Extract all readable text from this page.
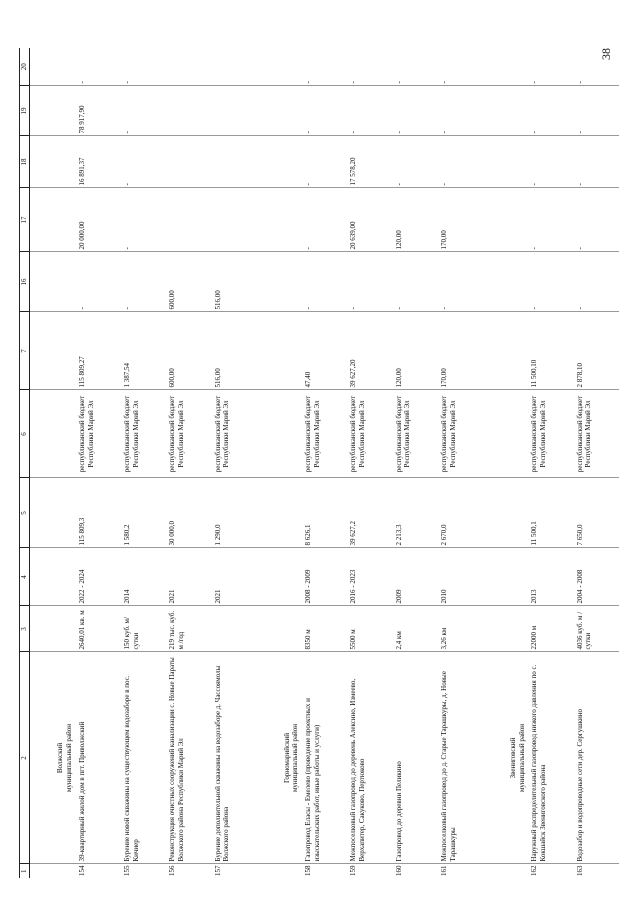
38
1	2	3	4	5	6	7	16	17	18	19	20

	Волжский
муниципальный район										

154	39-квартирный жилой дом в пгт. Приволжский	2640,01 кв. м	2022 - 2024	115 809,3	республиканский бюджет Республики Марий Эл	115 809,27	-	20 000,00	16 891,37	78 917,90	-
155	Бурение новой скважины на существующем водозаборе в пос. Кичиер	150 куб. м/ сутки	2014	1 580,2	республиканский бюджет Республики Марий Эл	1 387,54	-	-	-	-	-
156	Реконструкция очистных сооружений канализации с. Новые Параты Волжского района Республики Марий Эл	219 тыс. куб. м /год	2021	30 000,0	республиканский бюджет Республики Марий Эл	600,00	600,00				
157	Бурение дополнительной скважины на водозаборе д. Чассоямолы Волжского района		2021	1 290,0	республиканский бюджет Республики Марий Эл	516,00	516,00				

	Горномарийский
муниципальный район										

158	Газопровод Еласы - Емелево (проведение проектных и изыскательских работ, иные работы и услуги)	8350 м	2008 - 2009	8 626,1	республиканский бюджет Республики Марий Эл	47,40	-	-	-	-	-
159	Межпоселковый газопровод до деревень Алексино, Измеево, Верхапитер, Сакуково, Пертюково	5500 м	2016 - 2023	39 627,2	республиканский бюджет Республики Марий Эл	39 627,20	-	20 639,00	17 578,20	-	-
160	Газопровод до деревни Пеликино	2,4 км	2009	2 213,3	республиканский бюджет Республики Марий Эл	120,00	-	120,00	-	-	-
161	Межпоселковый газопровод до д. Старые Тарашкуры, д. Новые Тарашкуры	3,26 км	2010	2 670,0	республиканский бюджет Республики Марий Эл	170,00	-	170,00	-	-	-

	Звениговский
муниципальный район										

162	Наружный распределительный газопровод низкого давления по с. Кокшайск Звениговского района	22000 м	2013	11 500,1	республиканский бюджет Республики Марий Эл	11 500,10	-	-	-	-	-
163	Водозабор и водопроводные сети дер. Сергушкино	4036 куб. м / сутки	2004 - 2008	7 650,0	республиканский бюджет Республики Марий Эл	2 878,10	-	-	-	-	-
